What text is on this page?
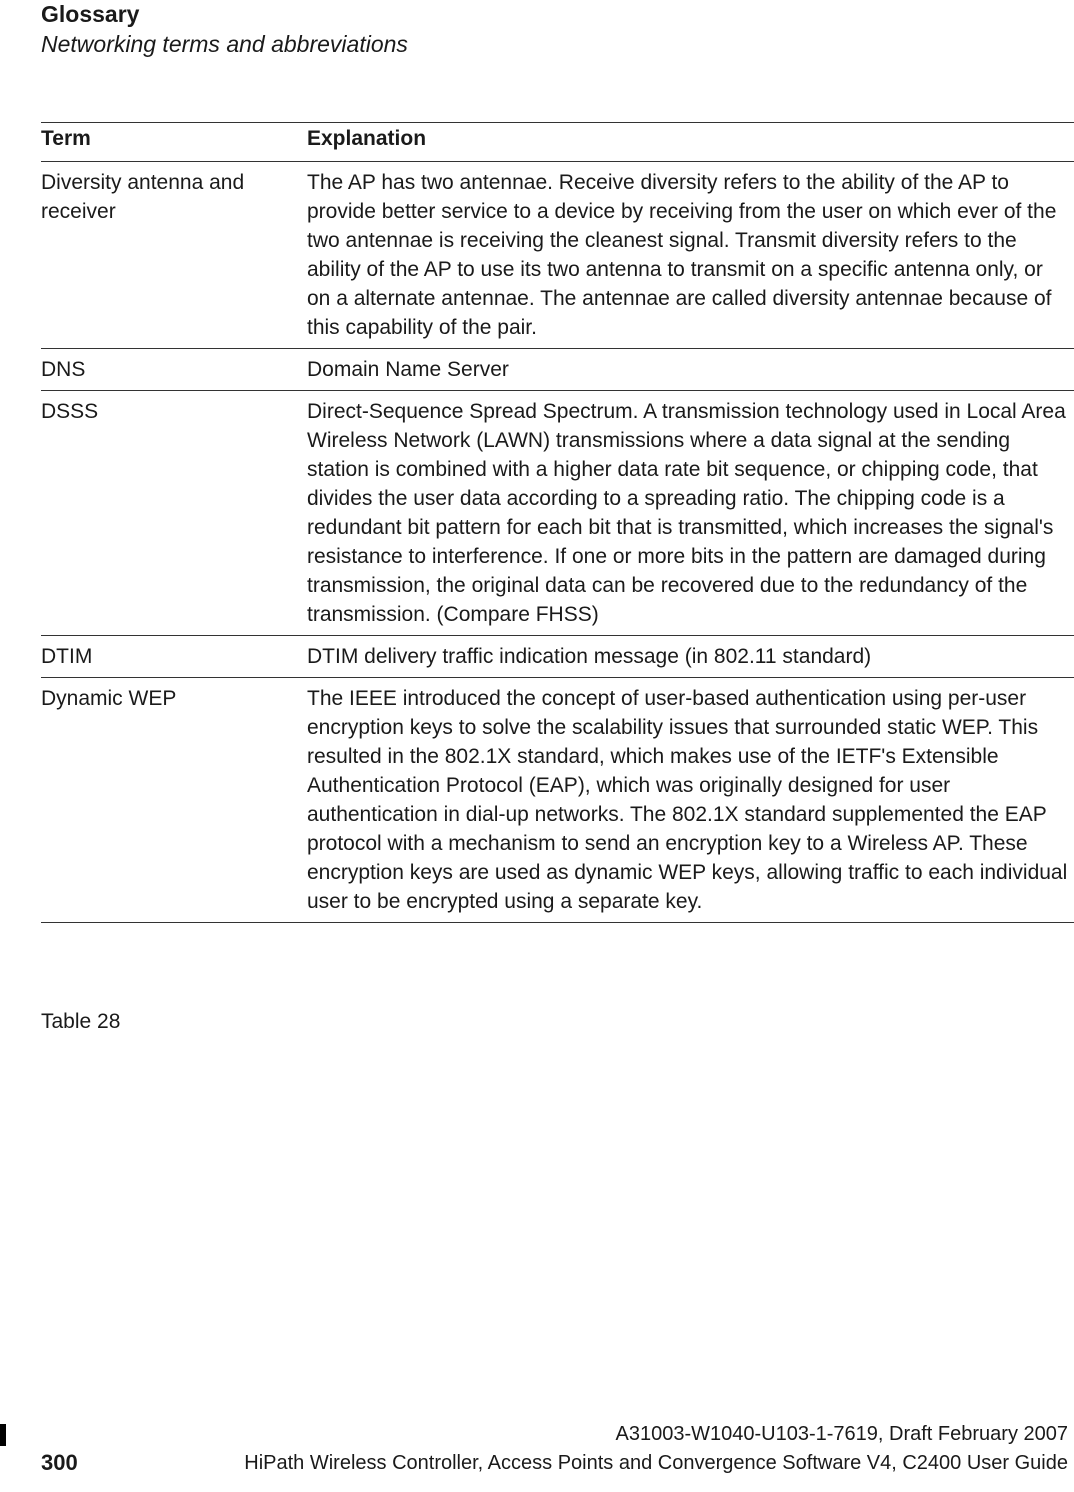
Glossary
Networking terms and abbreviations
Term	Explanation
Diversity antenna and receiver	The AP has two antennae. Receive diversity refers to the ability of the AP to provide better service to a device by receiving from the user on which ever of the two antennae is receiving the cleanest signal. Transmit diversity refers to the ability of the AP to use its two antenna to transmit on a specific antenna only, or on a alternate antennae. The antennae are called diversity antennae because of this capability of the pair.
DNS	Domain Name Server
DSSS	Direct-Sequence Spread Spectrum. A transmission technology used in Local Area Wireless Network (LAWN) transmissions where a data signal at the sending station is combined with a higher data rate bit sequence, or chipping code, that divides the user data according to a spreading ratio. The chipping code is a redundant bit pattern for each bit that is transmitted, which increases the signal's resistance to interference. If one or more bits in the pattern are damaged during transmission, the original data can be recovered due to the redundancy of the transmission. (Compare FHSS)
DTIM	DTIM delivery traffic indication message (in 802.11 standard)
Dynamic WEP	The IEEE introduced the concept of user-based authentication using per-user encryption keys to solve the scalability issues that surrounded static WEP. This resulted in the 802.1X standard, which makes use of the IETF's Extensible Authentication Protocol (EAP), which was originally designed for user authentication in dial-up networks. The 802.1X standard supplemented the EAP protocol with a mechanism to send an encryption key to a Wireless AP. These encryption keys are used as dynamic WEP keys, allowing traffic to each individual user to be encrypted using a separate key.
Table 28
A31003-W1040-U103-1-7619, Draft February 2007
300	HiPath Wireless Controller, Access Points and Convergence Software V4, C2400 User Guide
